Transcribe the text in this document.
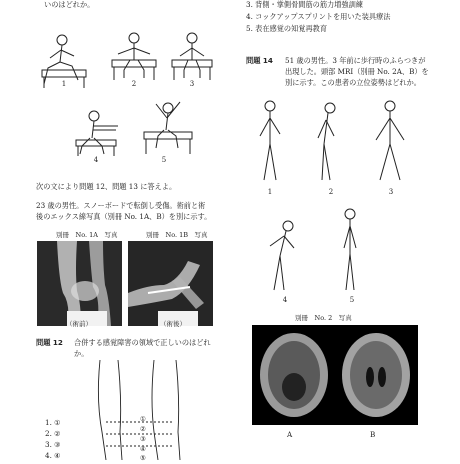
いのはどれか。
1	2	3
4	5
次の文により問題 12、問題 13 に答えよ。
23 歳の男性。スノーボードで転倒し受傷。術前と術
後のエックス線写真（別冊 No. 1A、B）を別に示す。
別冊　No. 1A　写真	別冊　No. 1B　写真
（術前）	（術後）
問題 12 合併する感覚障害の領域で正しいのはどれ
か。
①
②
③
④
⑤
1. ①
2. ②
3. ③
4. ④
3. 背側・掌側骨間筋の筋力増強訓練
4. コックアップスプリントを用いた装具療法
5. 表在感覚の知覚再教育
問題 14 51 歳の男性。3 年前に歩行時のふらつきが
出現した。頭部 MRI（別冊 No. 2A、B）を
別に示す。この患者の立位姿勢はどれか。
1	2	3
4	5
別冊　No. 2　写真
A	B
